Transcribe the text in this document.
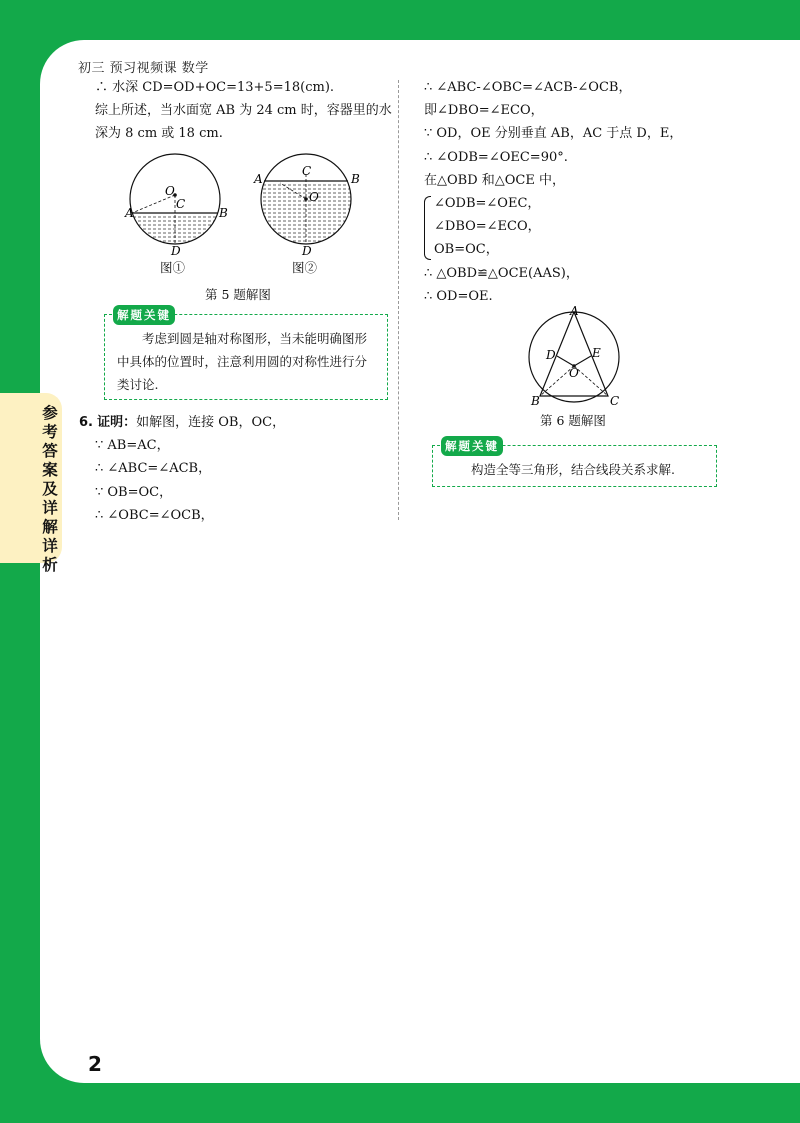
初三 预习视频课 数学

∴ 水深 CD=OD+OC=13+5=18(cm).

综上所述，当水面宽 AB 为 24 cm 时，容器里的水

深为 8 cm 或 18 cm.

A	B
O
C
D
A	B
C
O
D
图①	图②
第 5 题解图
解题关键
考虑到圆是轴对称图形，当未能明确图形中具体的位置时，注意利用圆的对称性进行分类讨论.

6. 证明：如解图，连接 OB，OC，

∵ AB=AC，

∴ ∠ABC=∠ACB，

∵ OB=OC，

∴ ∠OBC=∠OCB，

∴ ∠ABC-∠OBC=∠ACB-∠OCB，

即∠DBO=∠ECO，

∵ OD，OE 分别垂直 AB，AC 于点 D，E，

∴ ∠ODB=∠OEC=90°.

在△OBD 和△OCE 中，

∠ODB=∠OEC，

∠DBO=∠ECO，

OB=OC，

∴ △OBD≌△OCE(AAS)，

∴ OD=OE.

A
D	E
O
B	C
第 6 题解图
解题关键
构造全等三角形，结合线段关系求解.
参考答案及详解详析
2
